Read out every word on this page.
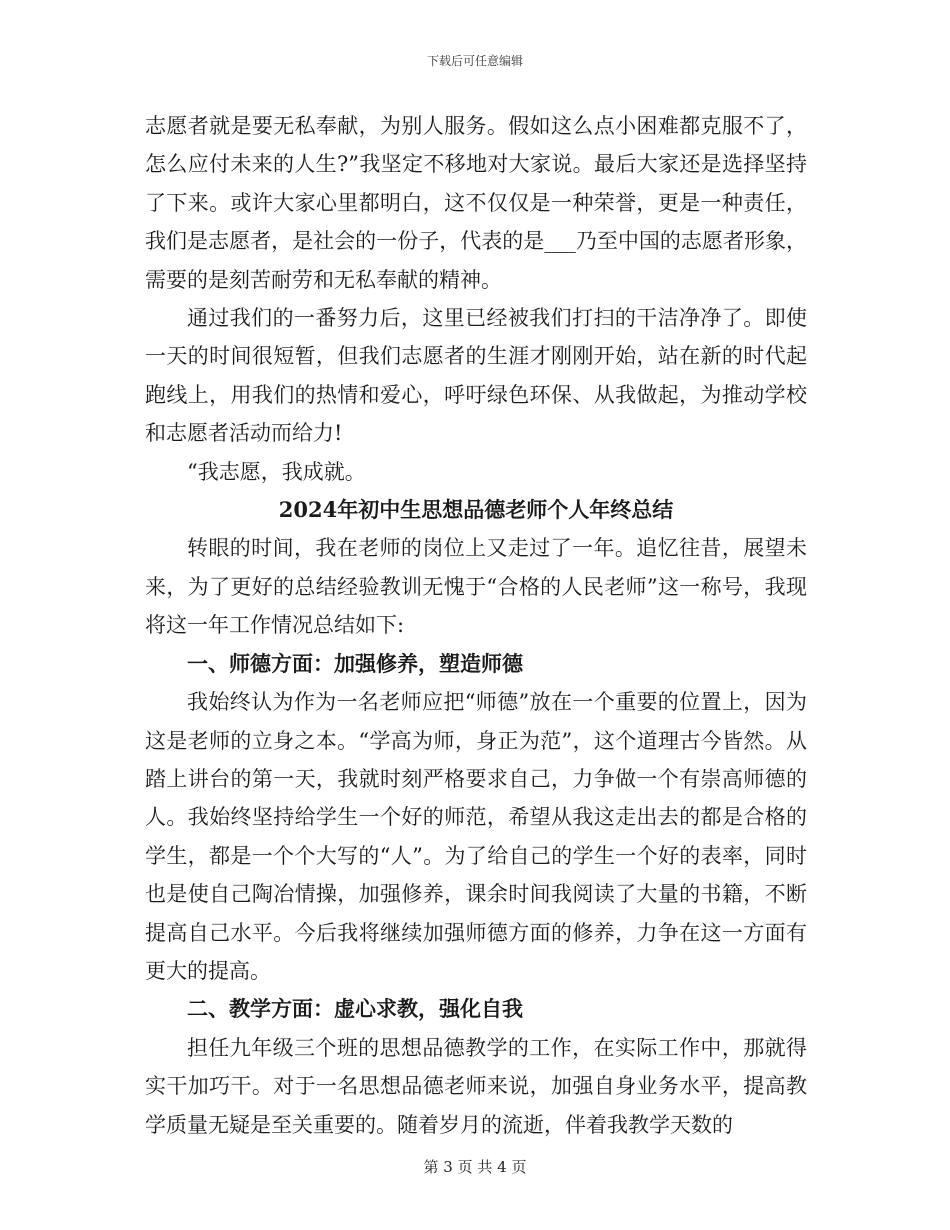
下载后可任意编辑

志愿者就是要无私奉献，为别人服务。假如这么点小困难都克服不了，怎么应付未来的人生?”我坚定不移地对大家说。最后大家还是选择坚持了下来。或许大家心里都明白，这不仅仅是一种荣誉，更是一种责任，我们是志愿者，是社会的一份子，代表的是___乃至中国的志愿者形象，需要的是刻苦耐劳和无私奉献的精神。

通过我们的一番努力后，这里已经被我们打扫的干洁净净了。即使一天的时间很短暂，但我们志愿者的生涯才刚刚开始，站在新的时代起跑线上，用我们的热情和爱心，呼吁绿色环保、从我做起，为推动学校和志愿者活动而给力!

“我志愿，我成就。

2024年初中生思想品德老师个人年终总结

转眼的时间，我在老师的岗位上又走过了一年。追忆往昔，展望未来，为了更好的总结经验教训无愧于“合格的人民老师”这一称号，我现将这一年工作情况总结如下:

一、师德方面：加强修养，塑造师德

我始终认为作为一名老师应把“师德”放在一个重要的位置上，因为这是老师的立身之本。“学高为师，身正为范”，这个道理古今皆然。从踏上讲台的第一天，我就时刻严格要求自己，力争做一个有崇高师德的人。我始终坚持给学生一个好的师范，希望从我这走出去的都是合格的学生，都是一个个大写的“人”。为了给自己的学生一个好的表率，同时也是使自己陶冶情操，加强修养，课余时间我阅读了大量的书籍，不断提高自己水平。今后我将继续加强师德方面的修养，力争在这一方面有更大的提高。

二、教学方面：虚心求教，强化自我

担任九年级三个班的思想品德教学的工作，在实际工作中，那就得实干加巧干。对于一名思想品德老师来说，加强自身业务水平，提高教学质量无疑是至关重要的。随着岁月的流逝，伴着我教学天数的

第 3 页 共 4 页
